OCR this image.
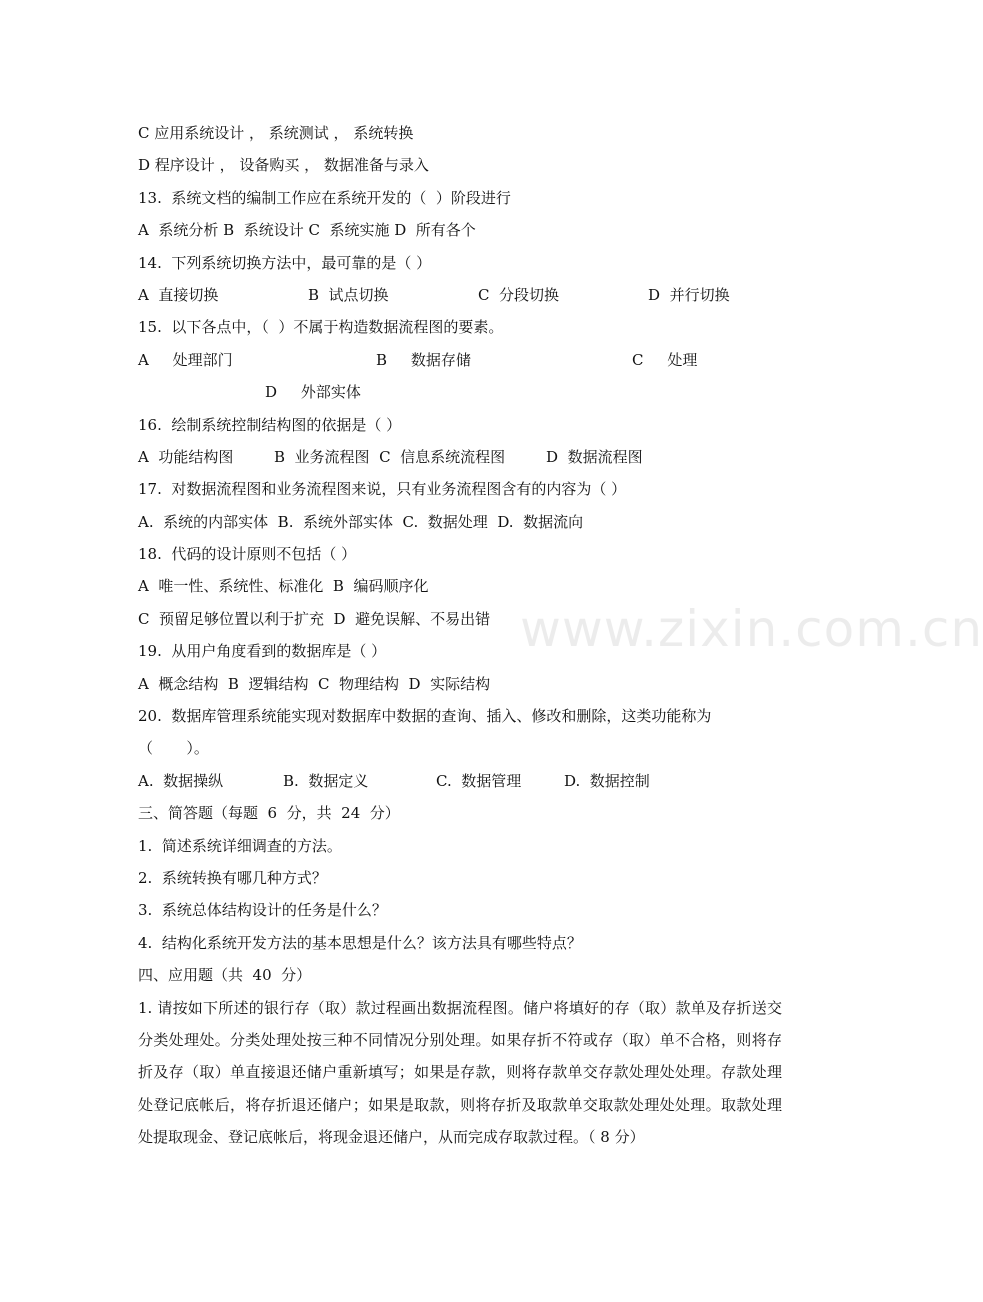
www.zixin.com.cn
C 应用系统设计 ， 系统测试 ， 系统转换
D 程序设计 ， 设备购买 ， 数据准备与录入
13.  系统文档的编制工作应在系统开发的（  ）阶段进行
A  系统分析 B  系统设计 C  系统实施 D  所有各个
14.  下列系统切换方法中，最可靠的是（ ）
A  直接切换	B  试点切换	C  分段切换	D  并行切换
15.  以下各点中，（  ）不属于构造数据流程图的要素。
A     处理部门	B     数据存储	C     处理
D     外部实体
16.  绘制系统控制结构图的依据是（ ）
A  功能结构图	B  业务流程图  C  信息系统流程图	D  数据流程图
17.  对数据流程图和业务流程图来说，只有业务流程图含有的内容为（ ）
A.  系统的内部实体  B.  系统外部实体  C.  数据处理  D.  数据流向
18.  代码的设计原则不包括（ ）
A  唯一性、系统性、标准化  B  编码顺序化
C  预留足够位置以利于扩充  D  避免误解、不易出错
19.  从用户角度看到的数据库是（ ）
A  概念结构  B  逻辑结构  C  物理结构  D  实际结构
20.  数据库管理系统能实现对数据库中数据的查询、插入、修改和删除，这类功能称为
（       ）。
A.  数据操纵	B.  数据定义	C.  数据管理	D.  数据控制
三、简答题（每题  6  分，共  24  分）
1.  简述系统详细调查的方法。
2.  系统转换有哪几种方式？
3.  系统总体结构设计的任务是什么？
4.  结构化系统开发方法的基本思想是什么？该方法具有哪些特点？
四、应用题（共  40  分）
1. 请按如下所述的银行存（取）款过程画出数据流程图。储户将填好的存（取）款单及存折送交分类处理处。分类处理处按三种不同情况分别处理。如果存折不符或存（取）单不合格，则将存折及存（取）单直接退还储户重新填写；如果是存款，则将存款单交存款处理处处理。存款处理处登记底帐后，将存折退还储户；如果是取款，则将存折及取款单交取款处理处处理。取款处理处提取现金、登记底帐后，将现金退还储户，从而完成存取款过程。（ 8 分）
